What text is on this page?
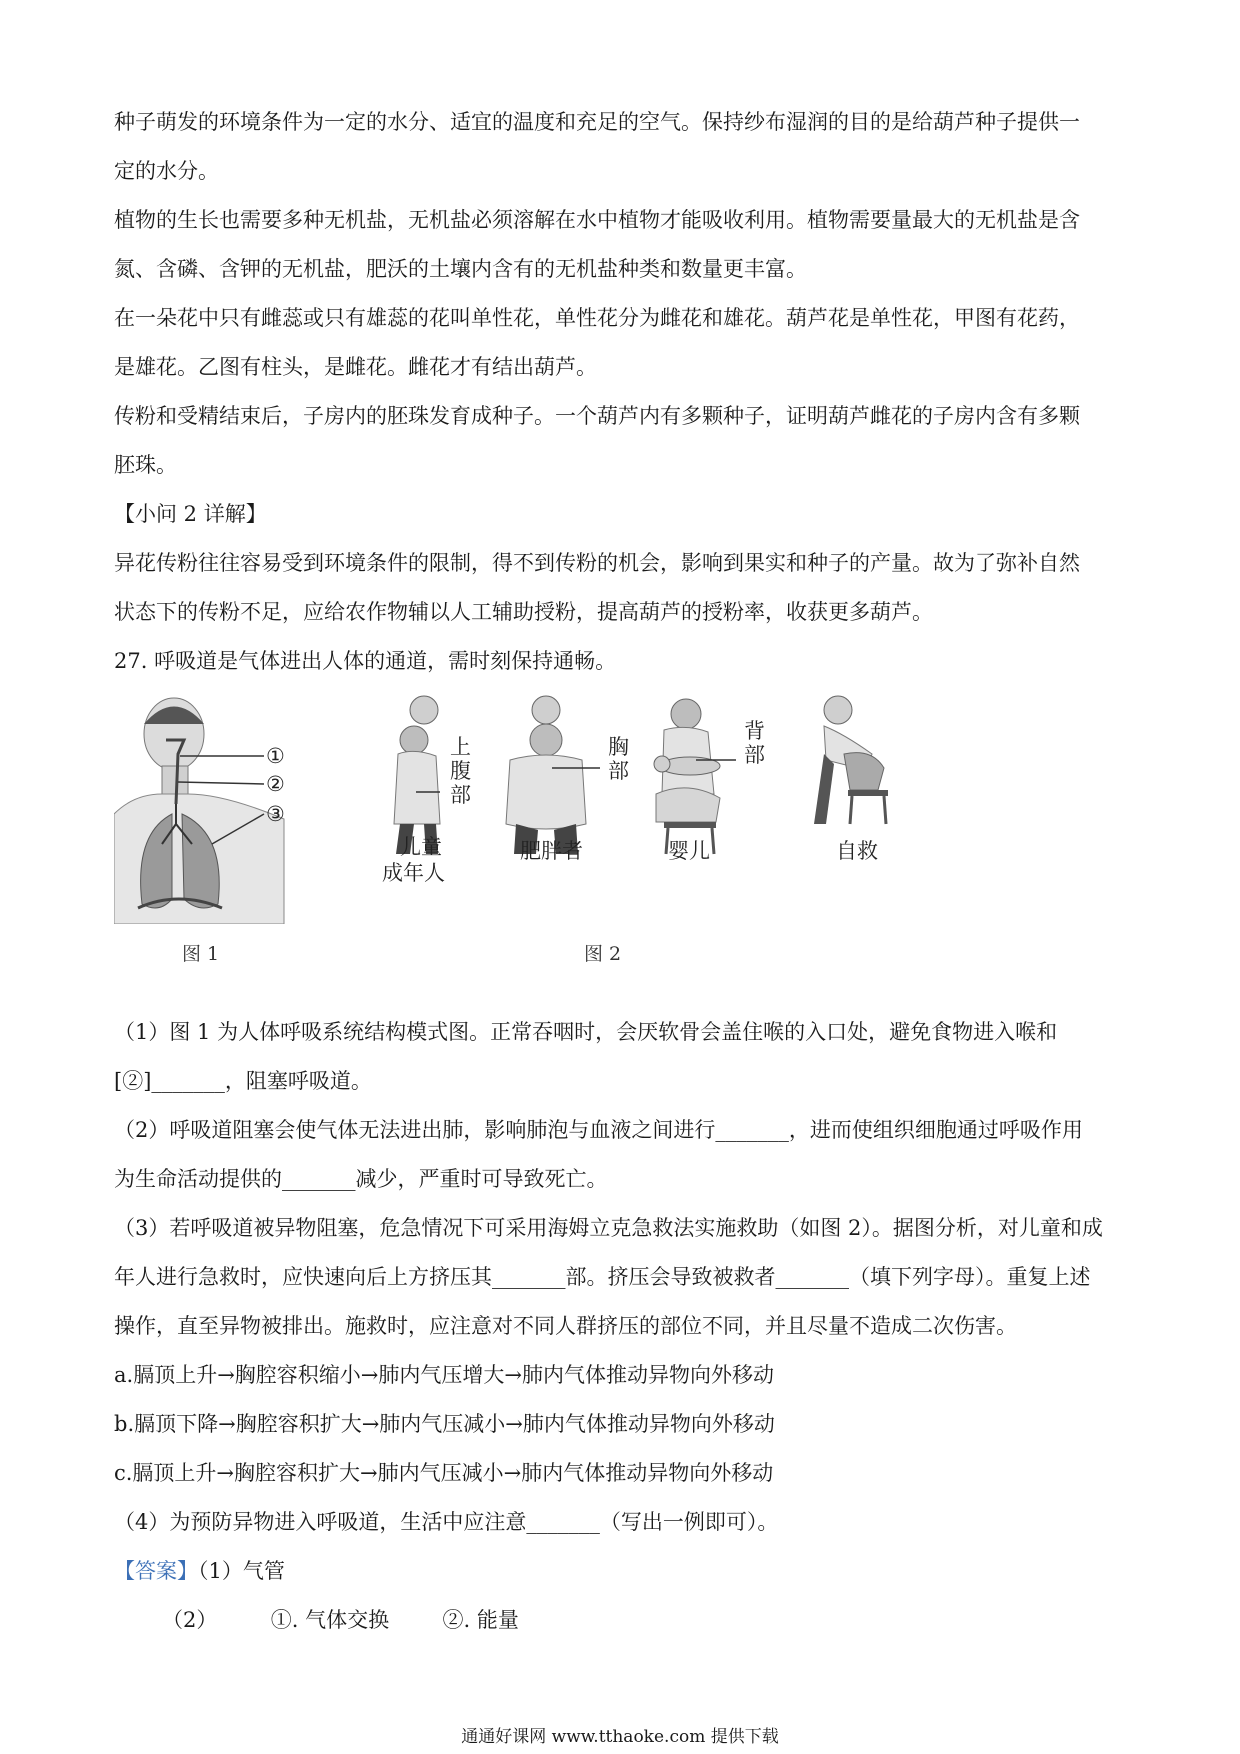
种子萌发的环境条件为一定的水分、适宜的温度和充足的空气。保持纱布湿润的目的是给葫芦种子提供一

定的水分。

植物的生长也需要多种无机盐，无机盐必须溶解在水中植物才能吸收利用。植物需要量最大的无机盐是含

氮、含磷、含钾的无机盐，肥沃的土壤内含有的无机盐种类和数量更丰富。

在一朵花中只有雌蕊或只有雄蕊的花叫单性花，单性花分为雌花和雄花。葫芦花是单性花，甲图有花药，

是雄花。乙图有柱头，是雌花。雌花才有结出葫芦。

传粉和受精结束后，子房内的胚珠发育成种子。一个葫芦内有多颗种子，证明葫芦雌花的子房内含有多颗

胚珠。

【小问 2 详解】

异花传粉往往容易受到环境条件的限制，得不到传粉的机会，影响到果实和种子的产量。故为了弥补自然

状态下的传粉不足，应给农作物辅以人工辅助授粉，提高葫芦的授粉率，收获更多葫芦。

27. 呼吸道是气体进出人体的通道，需时刻保持通畅。

①
②
③
上
腹
部
儿童
成年人
胸
部
肥胖者
背
部
婴儿	自救
图 1	图 2

（1）图 1 为人体呼吸系统结构模式图。正常吞咽时，会厌软骨会盖住喉的入口处，避免食物进入喉和

[②]_______，阻塞呼吸道。

（2）呼吸道阻塞会使气体无法进出肺，影响肺泡与血液之间进行_______，进而使组织细胞通过呼吸作用

为生命活动提供的_______减少，严重时可导致死亡。

（3）若呼吸道被异物阻塞，危急情况下可采用海姆立克急救法实施救助（如图 2）。据图分析，对儿童和成

年人进行急救时，应快速向后上方挤压其_______部。挤压会导致被救者_______（填下列字母）。重复上述

操作，直至异物被排出。施救时，应注意对不同人群挤压的部位不同，并且尽量不造成二次伤害。

a.膈顶上升→胸腔容积缩小→肺内气压增大→肺内气体推动异物向外移动

b.膈顶下降→胸腔容积扩大→肺内气压减小→肺内气体推动异物向外移动

c.膈顶上升→胸腔容积扩大→肺内气压减小→肺内气体推动异物向外移动

（4）为预防异物进入呼吸道，生活中应注意_______（写出一例即可）。

【答案】（1）气管

（2）	①. 气体交换	②. 能量

通通好课网 www.tthaoke.com 提供下载
